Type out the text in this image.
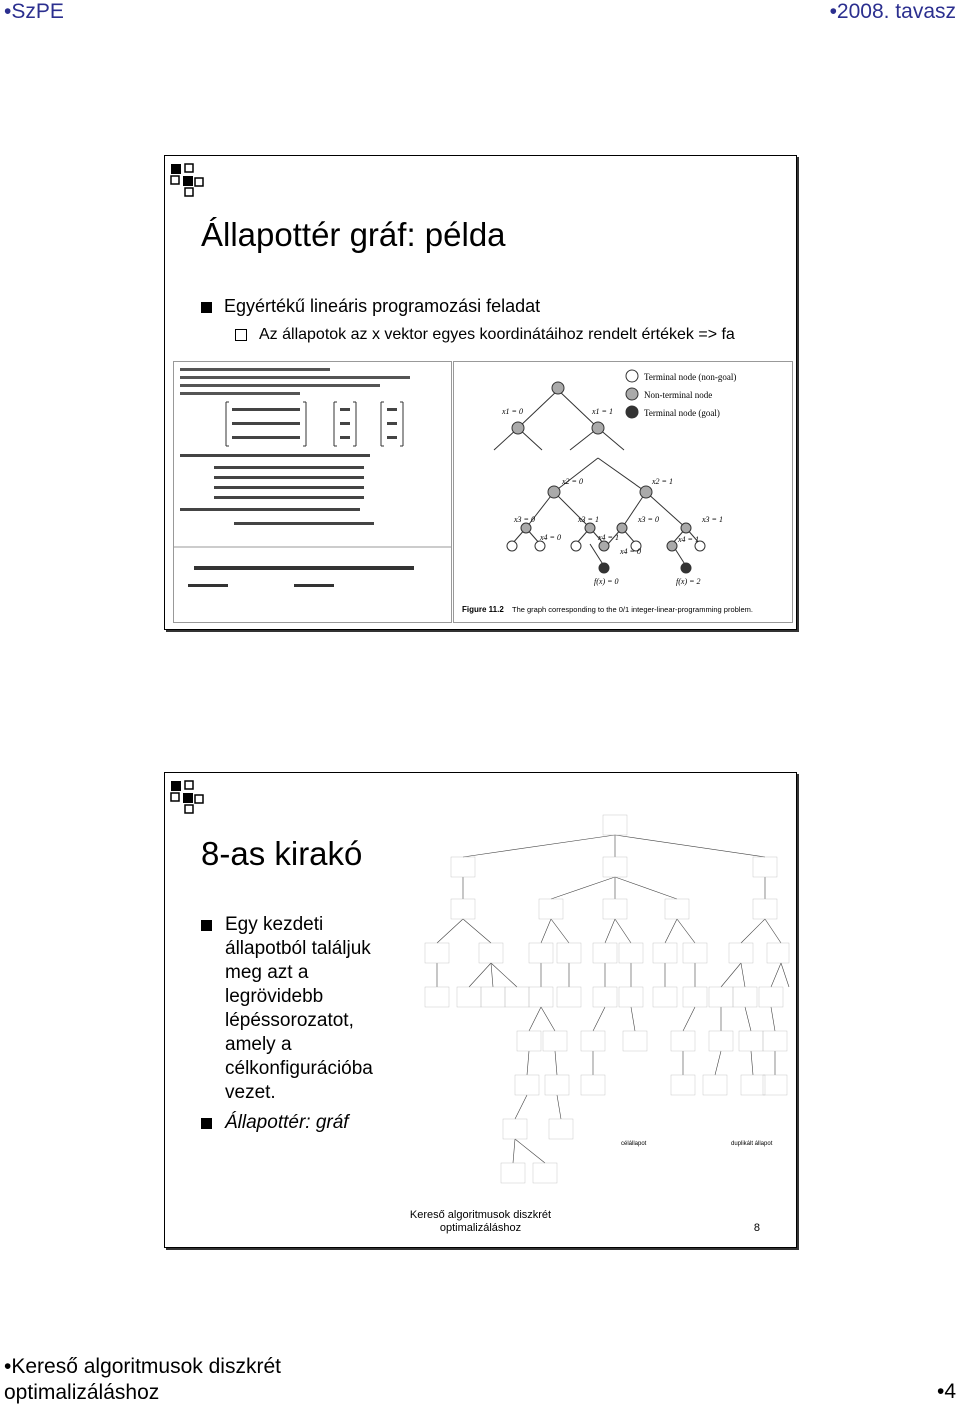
•SzPE	•2008. tavasz
Állapottér gráf: példa
Egyértékű lineáris programozási feladat
Az állapotok az x vektor egyes koordinátáihoz rendelt értékek => fa
Terminal node (non-goal)
Non-terminal node
Terminal node (goal)
x1 = 0	x1 = 1
x2 = 0	x2 = 1
x3 = 0	x3 = 1	x3 = 0	x3 = 1
x4 = 0	x4 = 1
x4 = 0
x4 = 1
f(x) = 0	f(x) = 2
Figure 11.2 The graph corresponding to the 0/1 integer-linear-programming problem.
8-as kirakó
Egy kezdeti állapotból találjuk meg azt a legrövidebb lépéssorozatot, amely a célkonfigurációba vezet.
Állapottér: gráf
célállapot	duplikált állapot
Kereső algoritmusok diszkrét
optimalizáláshoz	8
•Kereső algoritmusok diszkrét
optimalizáláshoz	•4
